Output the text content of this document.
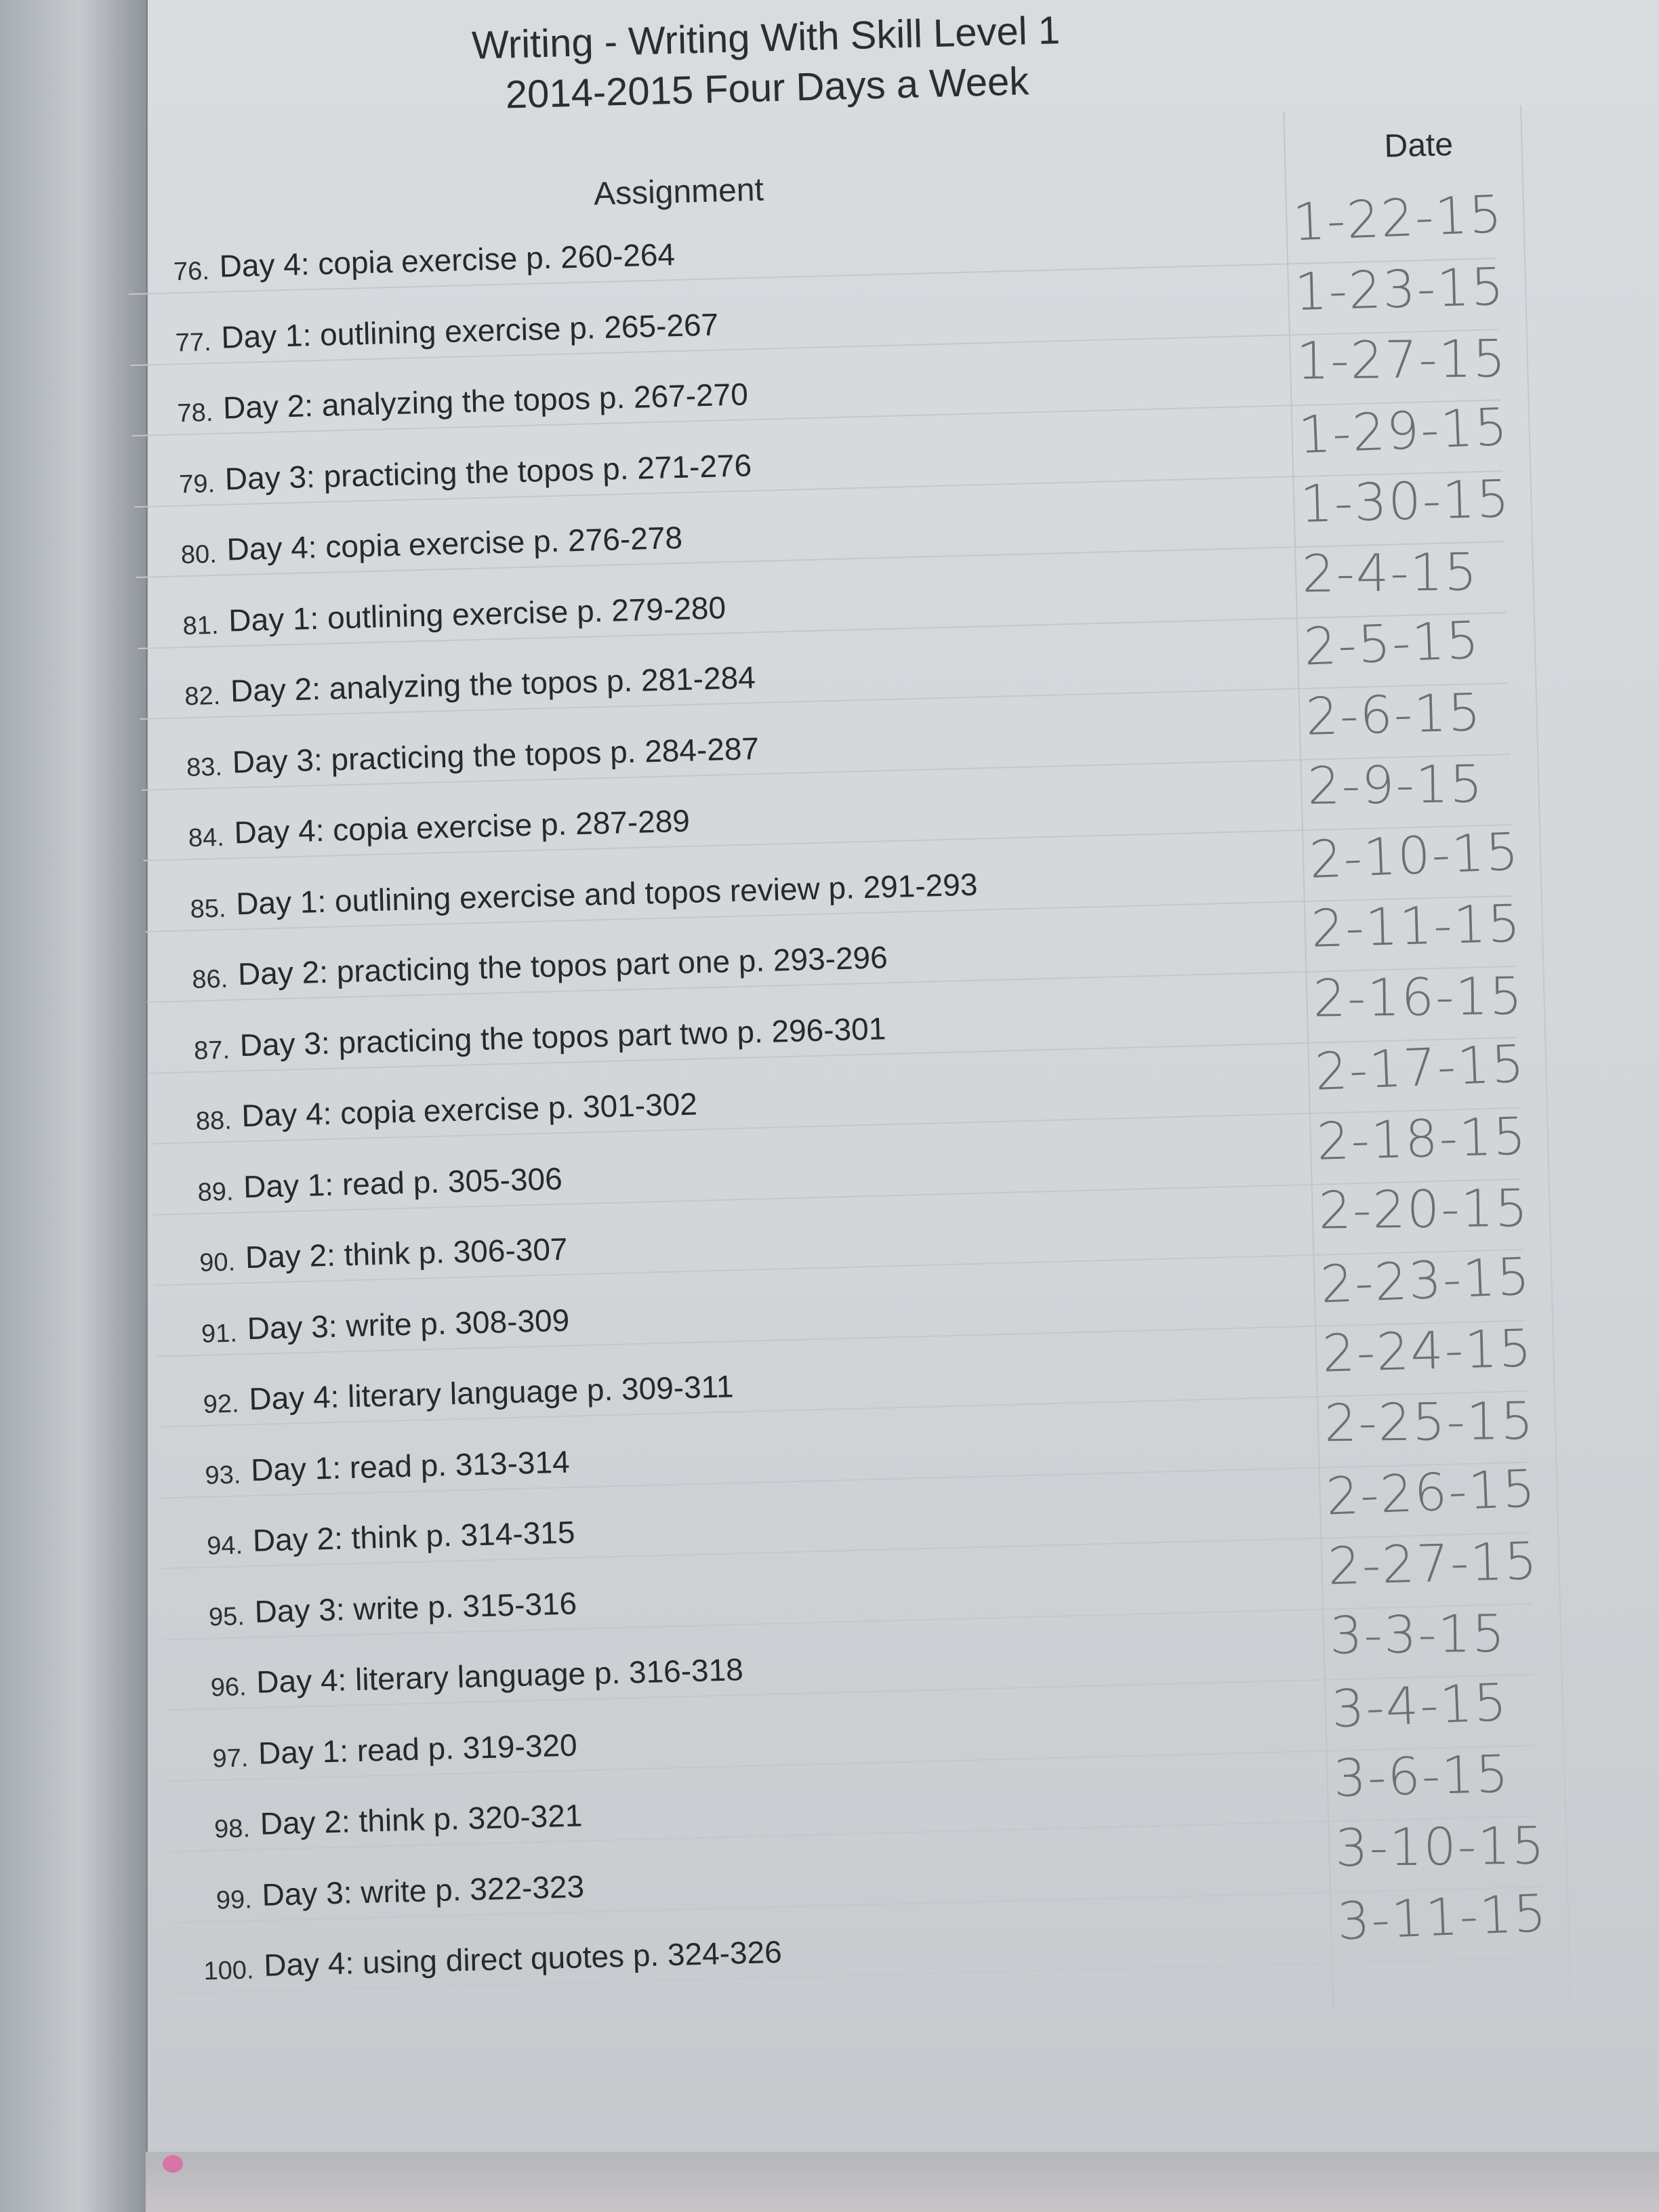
Writing - Writing With Skill Level 1
2014-2015 Four Days a Week
Assignment
Date
76. Day 4: copia exercise p. 260-264
1-22-15
77. Day 1: outlining exercise p. 265-267
1-23-15
78. Day 2: analyzing the topos p. 267-270
1-27-15
79. Day 3: practicing the topos p. 271-276
1-29-15
80. Day 4: copia exercise p. 276-278
1-30-15
81. Day 1: outlining exercise p. 279-280
2-4-15
82. Day 2: analyzing the topos p. 281-284
2-5-15
83. Day 3: practicing the topos p. 284-287
2-6-15
84. Day 4: copia exercise p. 287-289
2-9-15
85. Day 1: outlining exercise and topos review p. 291-293
2-10-15
86. Day 2: practicing the topos part one p. 293-296
2-11-15
87. Day 3: practicing the topos part two p. 296-301
2-16-15
88. Day 4: copia exercise p. 301-302
2-17-15
89. Day 1: read p. 305-306
2-18-15
90. Day 2: think p. 306-307
2-20-15
91. Day 3: write p. 308-309
2-23-15
92. Day 4: literary language p. 309-311
2-24-15
93. Day 1: read p. 313-314
2-25-15
94. Day 2: think p. 314-315
2-26-15
95. Day 3: write p. 315-316
2-27-15
96. Day 4: literary language p. 316-318
3-3-15
97. Day 1: read p. 319-320
3-4-15
98. Day 2: think p. 320-321
3-6-15
99. Day 3: write p. 322-323
3-10-15
100. Day 4: using direct quotes p. 324-326
3-11-15
